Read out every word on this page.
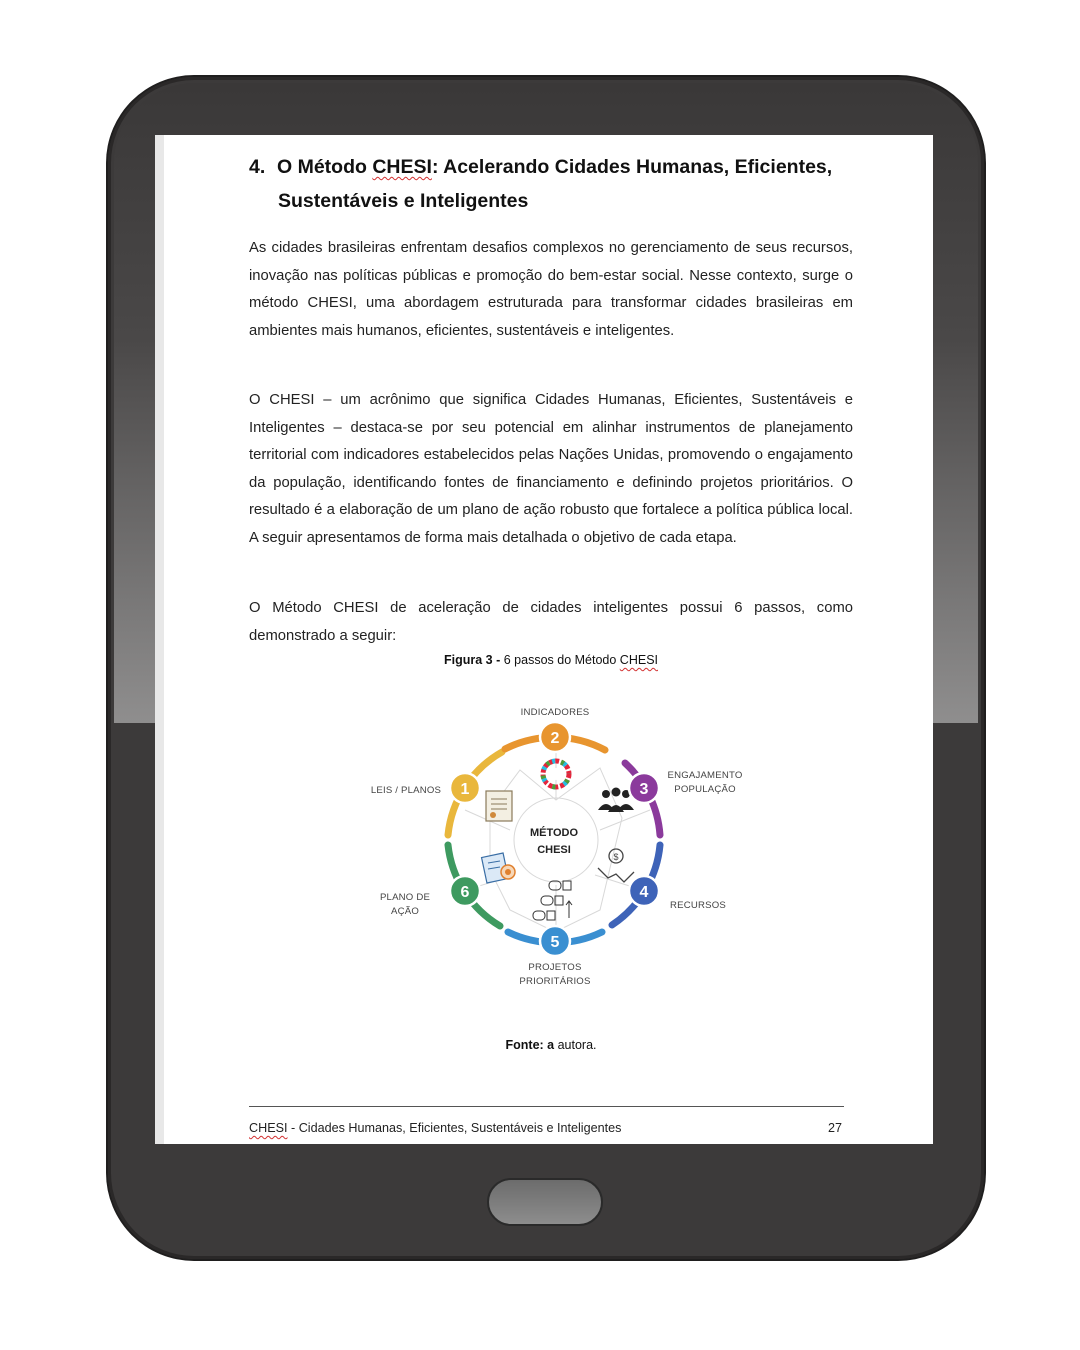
4. O Método CHESI: Acelerando Cidades Humanas, Eficientes,
Sustentáveis e Inteligentes

As cidades brasileiras enfrentam desafios complexos no gerenciamento de seus recursos, inovação nas políticas públicas e promoção do bem-estar social. Nesse contexto, surge o método CHESI, uma abordagem estruturada para transformar cidades brasileiras em ambientes mais humanos, eficientes, sustentáveis e inteligentes.

O CHESI – um acrônimo que significa Cidades Humanas, Eficientes, Sustentáveis e Inteligentes – destaca-se por seu potencial em alinhar instrumentos de planejamento territorial com indicadores estabelecidos pelas Nações Unidas, promovendo o engajamento da população, identificando fontes de financiamento e definindo projetos prioritários. O resultado é a elaboração de um plano de ação robusto que fortalece a política pública local. A seguir apresentamos de forma mais detalhada o objetivo de cada etapa.

O Método CHESI de aceleração de cidades inteligentes possui 6 passos, como demonstrado a seguir:

Figura 3 - 6 passos do Método CHESI
Fonte: a autora.
MÉTODO
CHESI
$
1
2
3
4
5
6
LEIS / PLANOS
INDICADORES
ENGAJAMENTO
POPULAÇÃO
RECURSOS
PROJETOS
PRIORITÁRIOS
PLANO DE
AÇÃO
CHESI - Cidades Humanas, Eficientes, Sustentáveis e Inteligentes	27
